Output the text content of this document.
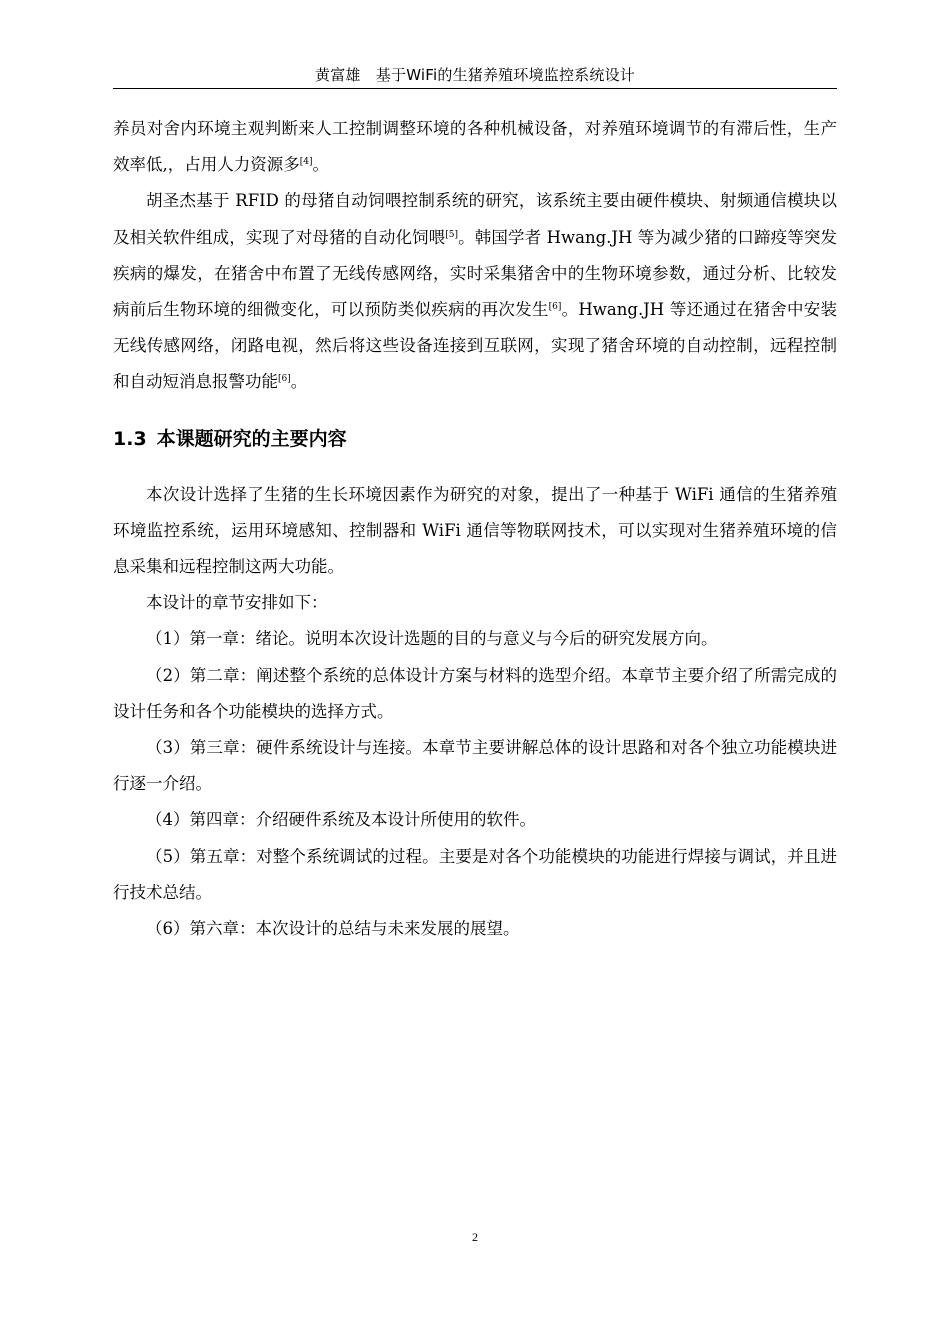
黄富雄　基于WiFi的生猪养殖环境监控系统设计

养员对舍内环境主观判断来人工控制调整环境的各种机械设备，对养殖环境调节的有滞后性，生产效率低,，占用人力资源多[4]。

胡圣杰基于 RFID 的母猪自动饲喂控制系统的研究，该系统主要由硬件模块、射频通信模块以及相关软件组成，实现了对母猪的自动化饲喂[5]。韩国学者 Hwang.JH 等为减少猪的口蹄疫等突发疾病的爆发，在猪舍中布置了无线传感网络，实时采集猪舍中的生物环境参数，通过分析、比较发病前后生物环境的细微变化，可以预防类似疾病的再次发生[6]。Hwang.JH 等还通过在猪舍中安装无线传感网络，闭路电视，然后将这些设备连接到互联网，实现了猪舍环境的自动控制，远程控制和自动短消息报警功能[6]。

1.3 本课题研究的主要内容

本次设计选择了生猪的生长环境因素作为研究的对象，提出了一种基于 WiFi 通信的生猪养殖环境监控系统，运用环境感知、控制器和 WiFi 通信等物联网技术，可以实现对生猪养殖环境的信息采集和远程控制这两大功能。

本设计的章节安排如下：

（1）第一章：绪论。说明本次设计选题的目的与意义与今后的研究发展方向。

（2）第二章：阐述整个系统的总体设计方案与材料的选型介绍。本章节主要介绍了所需完成的设计任务和各个功能模块的选择方式。

（3）第三章：硬件系统设计与连接。本章节主要讲解总体的设计思路和对各个独立功能模块进行逐一介绍。

（4）第四章：介绍硬件系统及本设计所使用的软件。

（5）第五章：对整个系统调试的过程。主要是对各个功能模块的功能进行焊接与调试，并且进行技术总结。

（6）第六章：本次设计的总结与未来发展的展望。

2
